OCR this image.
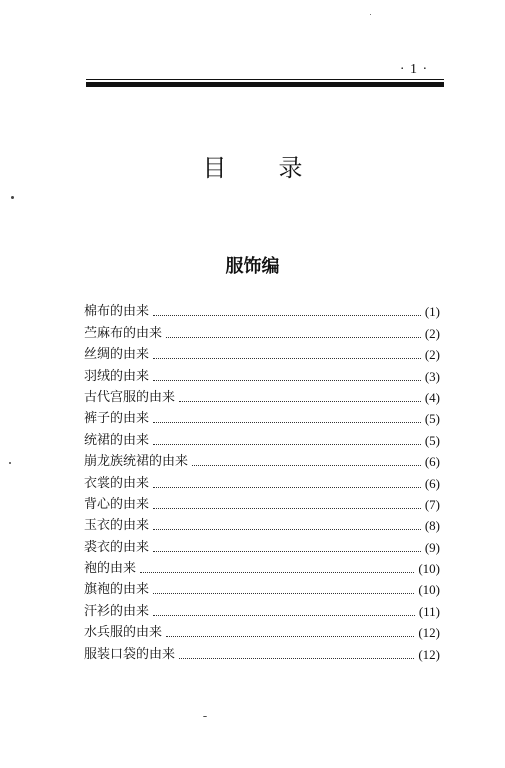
· 1 ·
目录
服饰编
棉布的由来	(1)
苎麻布的由来	(2)
丝绸的由来	(2)
羽绒的由来	(3)
古代宫服的由来	(4)
裤子的由来	(5)
统裙的由来	(5)
崩龙族统裙的由来	(6)
衣裳的由来	(6)
背心的由来	(7)
玉衣的由来	(8)
裘衣的由来	(9)
袍的由来	(10)
旗袍的由来	(10)
汗衫的由来	(11)
水兵服的由来	(12)
服装口袋的由来	(12)
